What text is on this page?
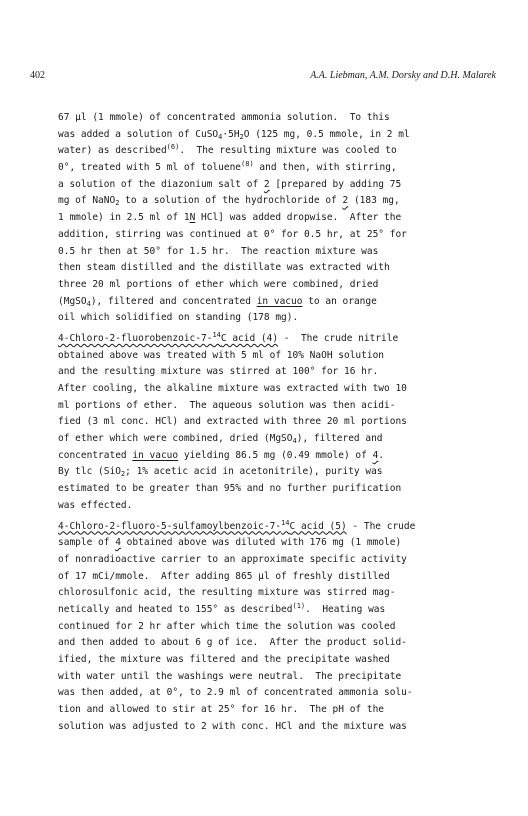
402	A.A. Liebman, A.M. Dorsky and D.H. Malarek
67 µl (1 mmole) of concentrated ammonia solution.  To this
was added a solution of $CuSO_4\cdot 5H_2O$ (125 mg, 0.5 mmole, in 2 ml
water) as described$^{(6)}$.  The resulting mixture was cooled to
0°, treated with 5 ml of toluene$^{(8)}$ and then, with stirring,
a solution of the diazonium salt of 2 [prepared by adding 75
mg of NaNO$_2$ to a solution of the hydrochloride of 2 (183 mg,
1 mmole) in 2.5 ml of 1N HCl] was added dropwise.  After the
addition, stirring was continued at 0° for 0.5 hr, at 25° for
0.5 hr then at 50° for 1.5 hr.  The reaction mixture was
then steam distilled and the distillate was extracted with
three 20 ml portions of ether which were combined, dried
(MgSO$_4$), filtered and concentrated in vacuo to an orange
oil which solidified on standing (178 mg).
4-Chloro-2-fluorobenzoic-7-$^{14}$C acid (4) -  The crude nitrile
obtained above was treated with 5 ml of 10% NaOH solution
and the resulting mixture was stirred at 100° for 16 hr.
After cooling, the alkaline mixture was extracted with two 10
ml portions of ether.  The aqueous solution was then acidi-
fied (3 ml conc. HCl) and extracted with three 20 ml portions
of ether which were combined, dried (MgSO$_4$), filtered and
concentrated in vacuo yielding 86.5 mg (0.49 mmole) of 4.
By tlc (SiO$_2$; 1% acetic acid in acetonitrile), purity was
estimated to be greater than 95% and no further purification
was effected.
4-Chloro-2-fluoro-5-sulfamoylbenzoic-7-$^{14}$C acid (5) - The crude
sample of 4 obtained above was diluted with 176 mg (1 mmole)
of nonradioactive carrier to an approximate specific activity
of 17 mCi/mmole.  After adding 865 µl of freshly distilled
chlorosulfonic acid, the resulting mixture was stirred mag-
netically and heated to 155° as described$^{(1)}$.  Heating was
continued for 2 hr after which time the solution was cooled
and then added to about 6 g of ice.  After the product solid-
ified, the mixture was filtered and the precipitate washed
with water until the washings were neutral.  The precipitate
was then added, at 0°, to 2.9 ml of concentrated ammonia solu-
tion and allowed to stir at 25° for 16 hr.  The pH of the
solution was adjusted to 2 with conc. HCl and the mixture was
